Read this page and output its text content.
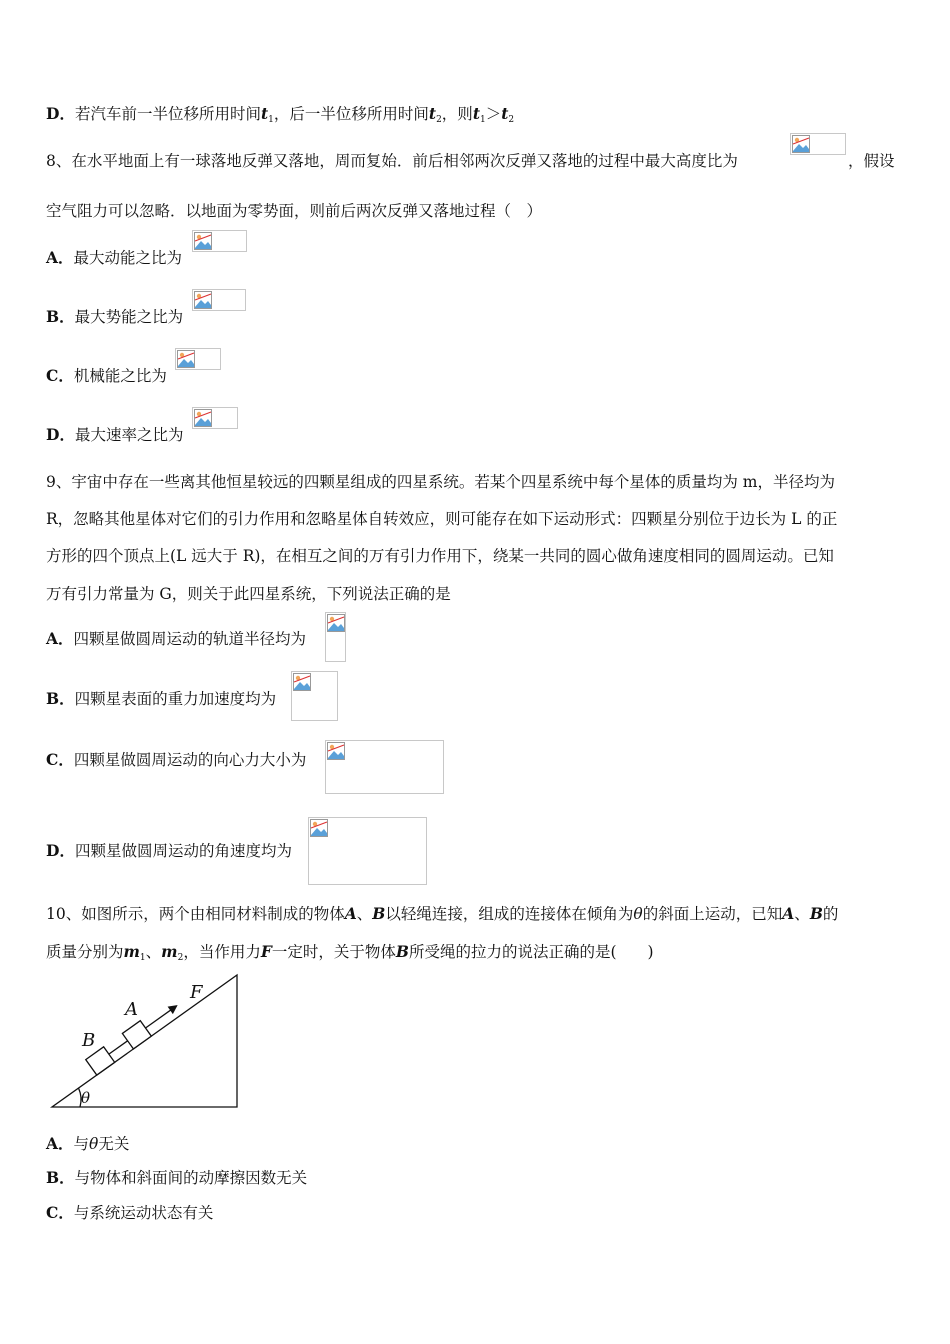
D．若汽车前一半位移所用时间$t_1$，后一半位移所用时间$t_2$，则$t_1>t_2$
8、在水平地面上有一球落地反弹又落地，周而复始．前后相邻两次反弹又落地的过程中最大高度比为	，假设
空气阻力可以忽略．以地面为零势面，则前后两次反弹又落地过程（　）
A．最大动能之比为
B．最大势能之比为
C．机械能之比为
D．最大速率之比为
9、宇宙中存在一些离其他恒星较远的四颗星组成的四星系统。若某个四星系统中每个星体的质量均为 m，半径均为
R，忽略其他星体对它们的引力作用和忽略星体自转效应，则可能存在如下运动形式：四颗星分别位于边长为 L 的正
方形的四个顶点上(L 远大于 R)，在相互之间的万有引力作用下，绕某一共同的圆心做角速度相同的圆周运动。已知
万有引力常量为 G，则关于此四星系统，下列说法正确的是
A．四颗星做圆周运动的轨道半径均为
B．四颗星表面的重力加速度均为
C．四颗星做圆周运动的向心力大小为
D．四颗星做圆周运动的角速度均为
10、如图所示，两个由相同材料制成的物体A、B以轻绳连接，组成的连接体在倾角为θ的斜面上运动，已知A、B的
质量分别为$m_1$、$m_2$，当作用力F一定时，关于物体B所受绳的拉力的说法正确的是(　　)
F
A
B
θ
A．与θ无关
B．与物体和斜面间的动摩擦因数无关
C．与系统运动状态有关
